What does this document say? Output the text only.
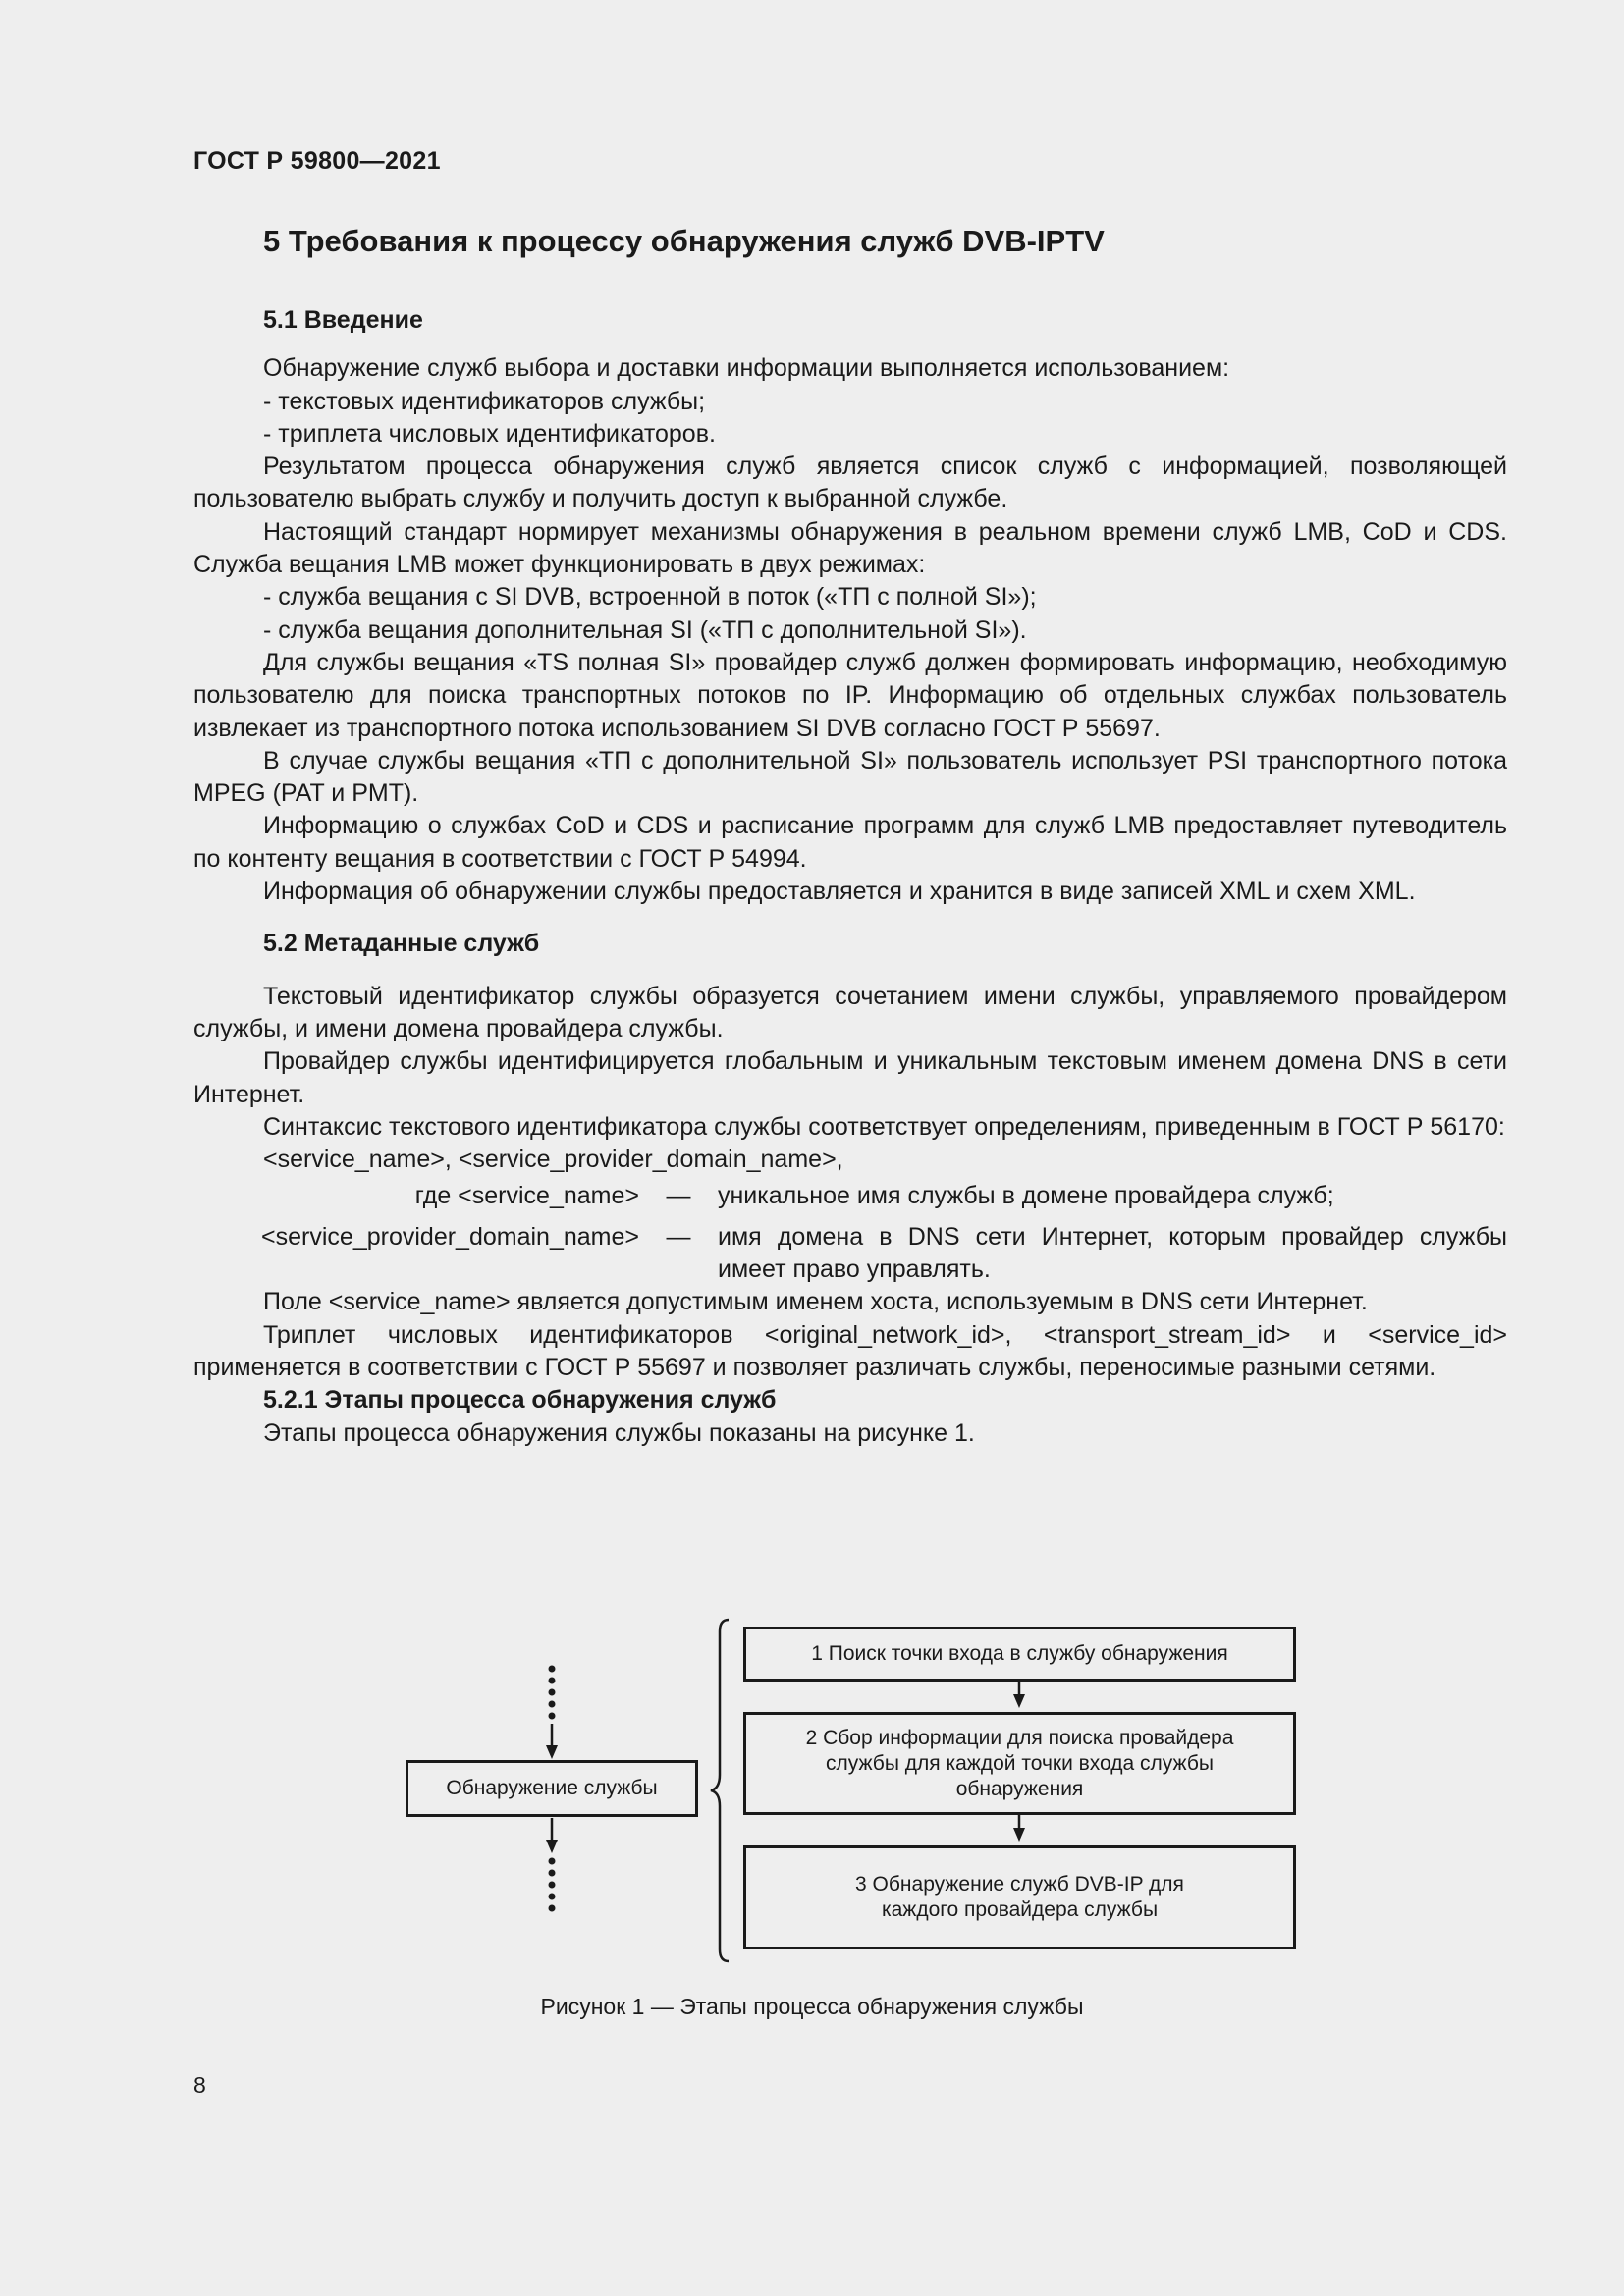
ГОСТ Р 59800—2021
5 Требования к процессу обнаружения служб DVB-IPTV

5.1 Введение

Обнаружение служб выбора и доставки информации выполняется использованием:

- текстовых идентификаторов службы;

- триплета числовых идентификаторов.

Результатом процесса обнаружения служб является список служб с информацией, позволяющей пользователю выбрать службу и получить доступ к выбранной службе.

Настоящий стандарт нормирует механизмы обнаружения в реальном времени служб LMB, CoD и CDS. Служба вещания LMB может функционировать в двух режимах:

- служба вещания с SI DVB, встроенной в поток («ТП с полной SI»);

- служба вещания дополнительная SI («ТП с дополнительной SI»).

Для службы вещания «TS полная SI» провайдер служб должен формировать информацию, необходимую пользователю для поиска транспортных потоков по IP. Информацию об отдельных службах пользователь извлекает из транспортного потока использованием SI DVB согласно ГОСТ Р 55697.

В случае службы вещания «ТП с дополнительной SI» пользователь использует PSI транспортного потока MPEG (PAT и PMT).

Информацию о службах CoD и CDS и расписание программ для служб LMB предоставляет путеводитель по контенту вещания в соответствии с ГОСТ Р 54994.

Информация об обнаружении службы предоставляется и хранится в виде записей XML и схем XML.

5.2 Метаданные служб

Текстовый идентификатор службы образуется сочетанием имени службы, управляемого провайдером службы, и имени домена провайдера службы.

Провайдер службы идентифицируется глобальным и уникальным текстовым именем домена DNS в сети Интернет.

Синтаксис текстового идентификатора службы соответствует определениям, приведенным в ГОСТ Р 56170:

<service_name>, <service_provider_domain_name>,

где <service_name>	—	уникальное имя службы в домене провайдера служб;
<service_provider_domain_name>	—	имя домена в DNS сети Интернет, которым провайдер службы имеет право управлять.

Поле <service_name> является допустимым именем хоста, используемым в DNS сети Интернет.

Триплет числовых идентификаторов <original_network_id>, <transport_stream_id> и <service_id> применяется в соответствии с ГОСТ Р 55697 и позволяет различать службы, переносимые разными сетями.

5.2.1 Этапы процесса обнаружения служб

Этапы процесса обнаружения службы показаны на рисунке 1.

Обнаружение службы
1 Поиск точки входа в службу обнаружения
2 Сбор информации для поиска провайдера службы для каждой точки входа службы обнаружения
3 Обнаружение служб DVB-IP для каждого провайдера службы
Рисунок 1 — Этапы процесса обнаружения службы
8
